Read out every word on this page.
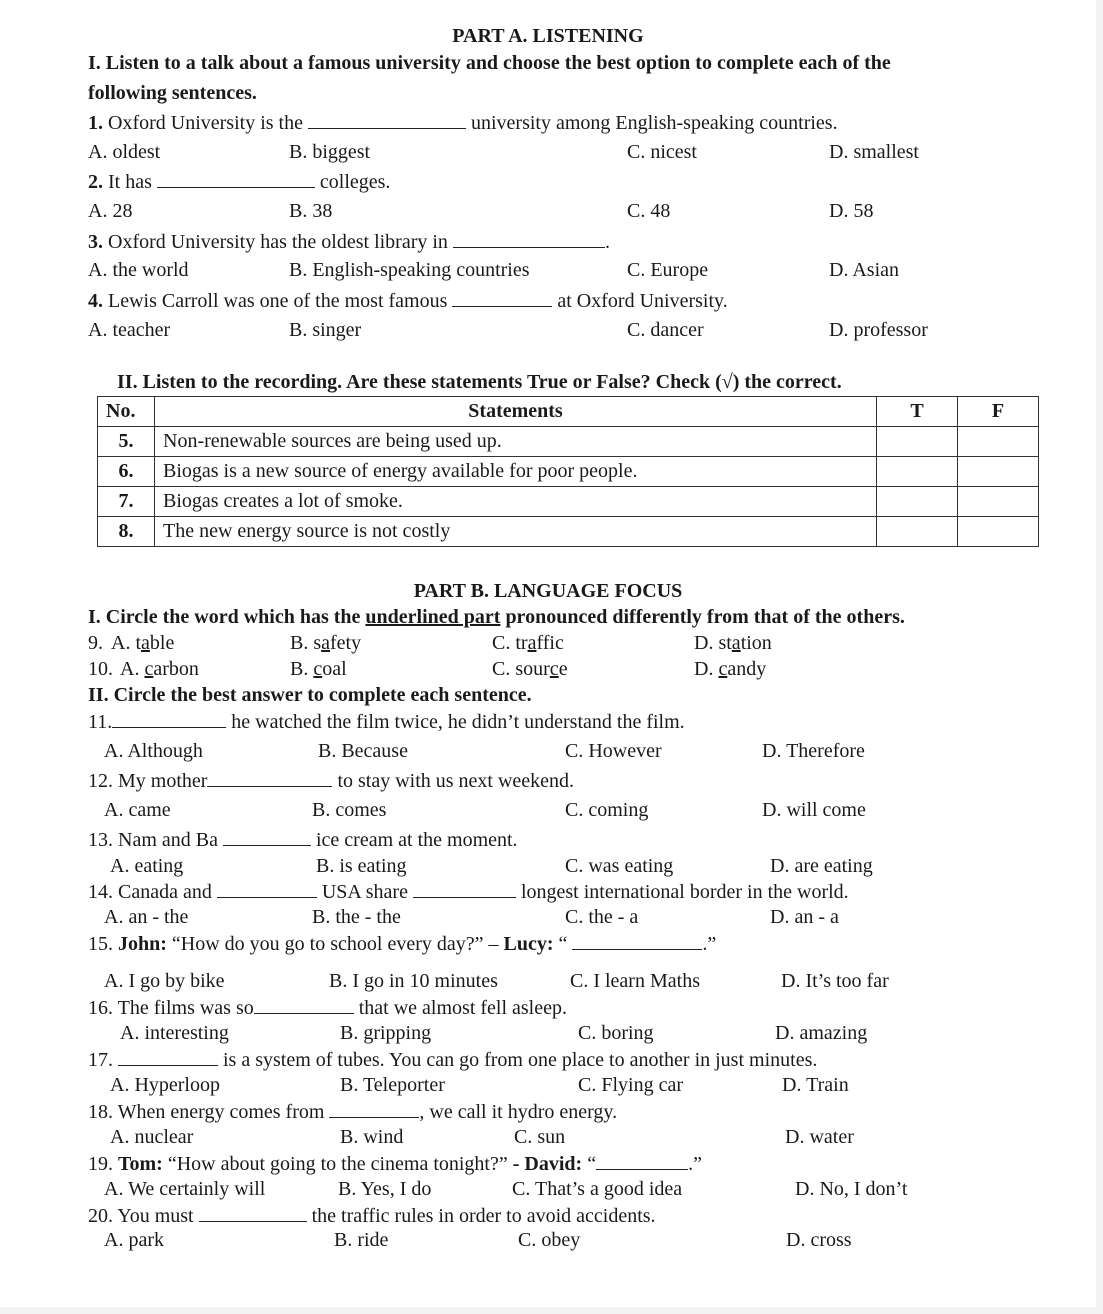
PART A. LISTENING
I. Listen to a talk about a famous university and choose the best option to complete each of the
following sentences.
1. Oxford University is the	university among English-speaking countries.
A. oldest	B. biggest	C. nicest	D. smallest
2. It has	colleges.
A. 28	B. 38	C. 48	D. 58
3. Oxford University has the oldest library in	.
A. the world	B. English-speaking countries	C. Europe	D. Asian
4. Lewis Carroll was one of the most famous	at Oxford University.
A. teacher	B. singer	C. dancer	D. professor
II. Listen to the recording. Are these statements True or False? Check (√) the correct.
No.	Statements	T	F
5.	Non-renewable sources are being used up.		
6.	Biogas is a new source of energy available for poor people.		
7.	Biogas creates a lot of smoke.		
8.	The new energy source is not costly		
PART B. LANGUAGE FOCUS
I. Circle the word which has the underlined part pronounced differently from that of the others.
9. A. table	B. safety	C. traffic	D. station
10. A. carbon	B. coal	C. source	D. candy
II. Circle the best answer to complete each sentence.
11.	he watched the film twice, he didn’t understand the film.
A. Although	B. Because	C. However	D. Therefore
12. My mother	to stay with us next weekend.
A. came	B. comes	C. coming	D. will come
13. Nam and Ba	ice cream at the moment.
A. eating	B. is eating	C. was eating	D. are eating
14. Canada and	USA share	longest international border in the world.
A. an - the	B. the - the	C. the - a	D. an - a
15. John: “How do you go to school every day?” – Lucy: “	.”
A. I go by bike	B. I go in 10 minutes	C. I learn Maths	D. It’s too far
16. The films was so	that we almost fell asleep.
A. interesting	B. gripping	C. boring	D. amazing
17.	is a system of tubes. You can go from one place to another in just minutes.
A. Hyperloop	B. Teleporter	C. Flying car	D. Train
18. When energy comes from	, we call it hydro energy.
A. nuclear	B. wind	C. sun	D. water
19. Tom: “How about going to the cinema tonight?” - David: “	.”
A. We certainly will	B. Yes, I do	C. That’s a good idea	D. No, I don’t
20. You must	the traffic rules in order to avoid accidents.
A. park	B. ride	C. obey	D. cross
